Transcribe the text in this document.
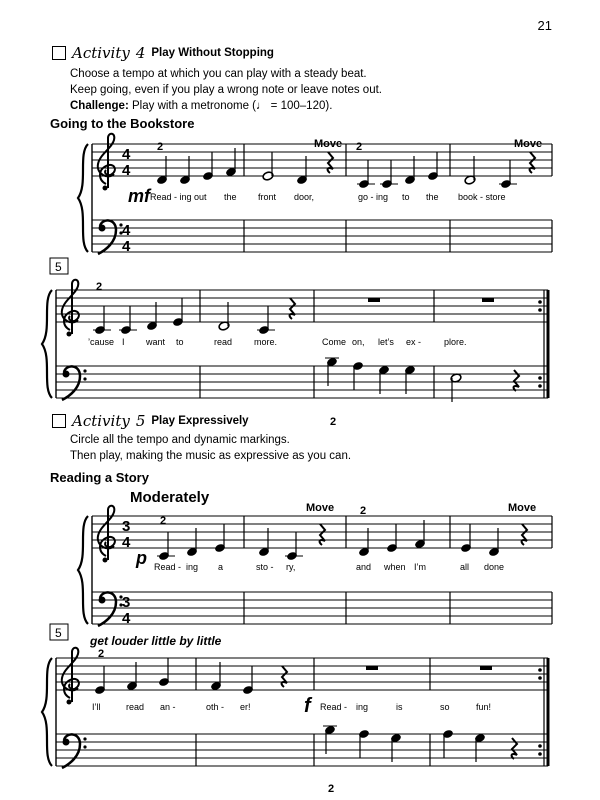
21
Activity 4 Play Without Stopping
Choose a tempo at which you can play with a steady beat.
Keep going, even if you play a wrong note or leave notes out.
Challenge: Play with a metronome (♩ = 100–120).
Going to the Bookstore
Activity 5 Play Expressively
Circle all the tempo and dynamic markings.
Then play, making the music as expressive as you can.
Reading a Story
4
4
4
4
2	2
Move	Move
mf Read - ing out the front door,	go - ing to the book - store
5
2
2
’cause I want to	read more.	Come on, let’s ex -	plore.
Moderately
3
4
3
4
2
2
Move	Move
p Read - ing a	sto - ry,	and when I’m	all done
5
get louder little by little
2
2
f
I’ll	read an -	oth - er!	Read - ing	is	so	fun!
